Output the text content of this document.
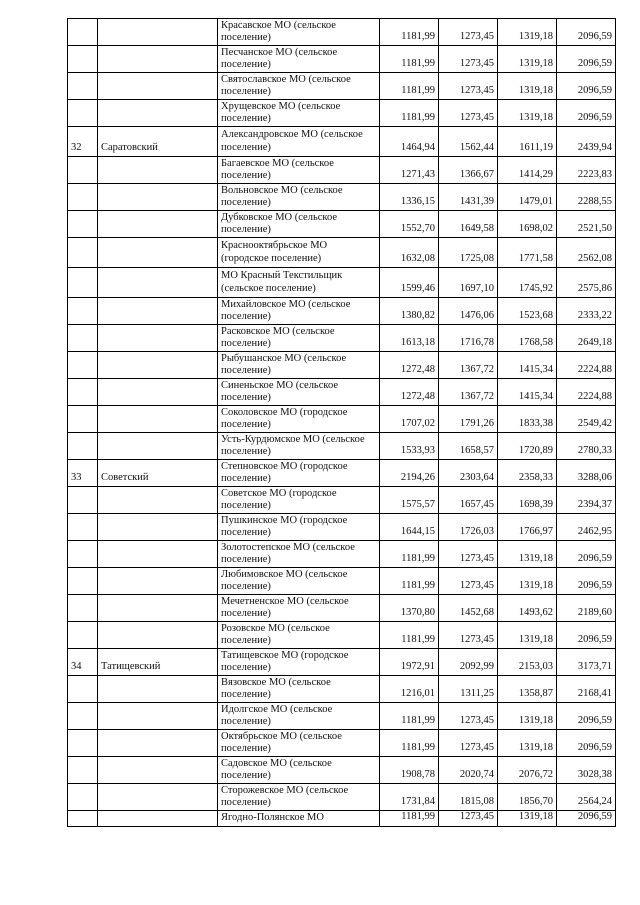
		Красавское МО (сельское поселение)	1181,99	1273,45	1319,18	2096,59
		Песчанское МО (сельское поселение)	1181,99	1273,45	1319,18	2096,59
		Святославское МО (сельское поселение)	1181,99	1273,45	1319,18	2096,59
		Хрущевское МО (сельское поселение)	1181,99	1273,45	1319,18	2096,59
32	Саратовский	Александровское МО (сельское поселение)	1464,94	1562,44	1611,19	2439,94
		Багаевское МО (сельское поселение)	1271,43	1366,67	1414,29	2223,83
		Вольновское МО (сельское поселение)	1336,15	1431,39	1479,01	2288,55
		Дубковское МО (сельское поселение)	1552,70	1649,58	1698,02	2521,50
		Краснооктябрьское МО (городское поселение)	1632,08	1725,08	1771,58	2562,08
		МО Красный Текстильщик (сельское поселение)	1599,46	1697,10	1745,92	2575,86
		Михайловское МО (сельское поселение)	1380,82	1476,06	1523,68	2333,22
		Расковское МО (сельское поселение)	1613,18	1716,78	1768,58	2649,18
		Рыбушанское МО (сельское поселение)	1272,48	1367,72	1415,34	2224,88
		Синеньское МО (сельское поселение)	1272,48	1367,72	1415,34	2224,88
		Соколовское МО (городское поселение)	1707,02	1791,26	1833,38	2549,42
		Усть-Курдюмское МО (сельское поселение)	1533,93	1658,57	1720,89	2780,33
33	Советский	Степновское МО (городское поселение)	2194,26	2303,64	2358,33	3288,06
		Советское МО (городское поселение)	1575,57	1657,45	1698,39	2394,37
		Пушкинское МО (городское поселение)	1644,15	1726,03	1766,97	2462,95
		Золотостепское МО (сельское поселение)	1181,99	1273,45	1319,18	2096,59
		Любимовское МО (сельское поселение)	1181,99	1273,45	1319,18	2096,59
		Мечетненское МО (сельское поселение)	1370,80	1452,68	1493,62	2189,60
		Розовское МО (сельское поселение)	1181,99	1273,45	1319,18	2096,59
34	Татищевский	Татищевское МО (городское поселение)	1972,91	2092,99	2153,03	3173,71
		Вязовское МО (сельское поселение)	1216,01	1311,25	1358,87	2168,41
		Идолгское МО (сельское поселение)	1181,99	1273,45	1319,18	2096,59
		Октябрьское МО (сельское поселение)	1181,99	1273,45	1319,18	2096,59
		Садовское МО (сельское поселение)	1908,78	2020,74	2076,72	3028,38
		Сторожевское МО (сельское поселение)	1731,84	1815,08	1856,70	2564,24
		Ягодно-Полянское МО	1181,99	1273,45	1319,18	2096,59
